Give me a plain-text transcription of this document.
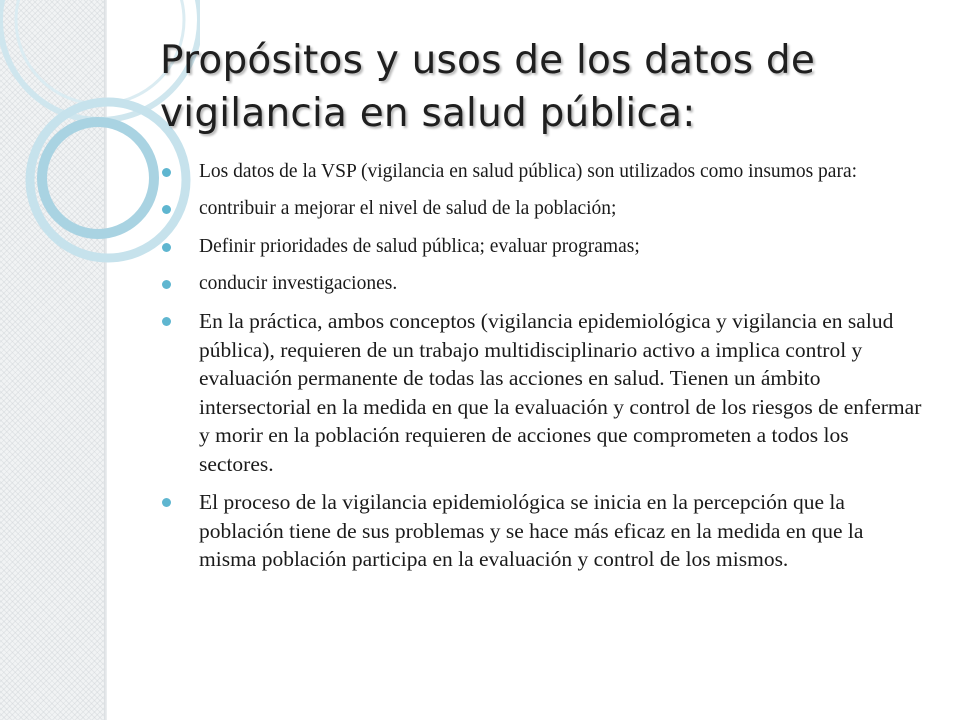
Propósitos y usos de los datos de vigilancia en salud pública:
Los datos de la VSP (vigilancia en salud pública) son utilizados como insumos para:
contribuir a mejorar el nivel de salud de la población;
Definir prioridades de salud pública; evaluar programas;
conducir investigaciones.
En la práctica, ambos conceptos (vigilancia epidemiológica y vigilancia en salud pública), requieren de un trabajo multidisciplinario activo a implica control y evaluación permanente de todas las acciones en salud. Tienen un ámbito intersectorial en la medida en que la evaluación y control de los riesgos de enfermar y morir en la población requieren de acciones que comprometen a todos los sectores.
El proceso de la vigilancia epidemiológica se inicia en la percepción que la población tiene de sus problemas y se hace más eficaz en la medida en que la misma población participa en la evaluación y control de los mismos.
